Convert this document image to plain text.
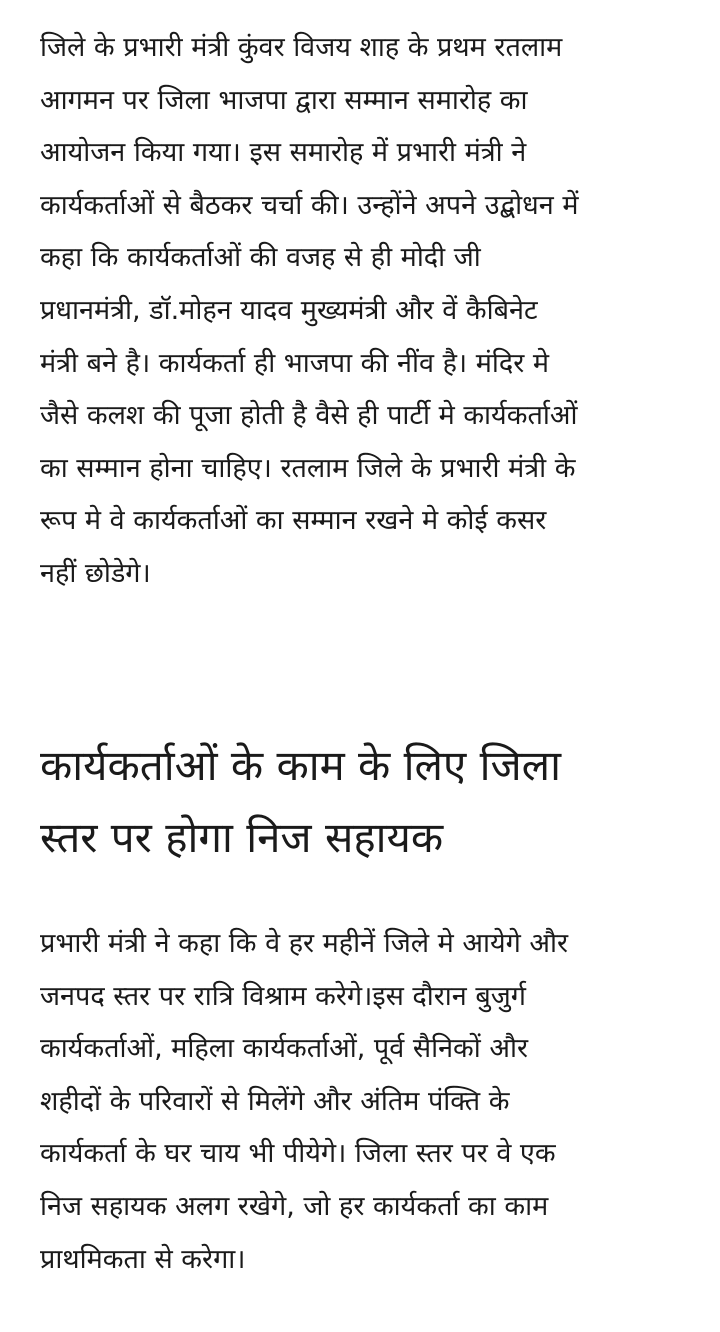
जिले के प्रभारी मंत्री कुंवर विजय शाह के प्रथम रतलाम
आगमन पर जिला भाजपा द्वारा सम्मान समारोह का
आयोजन किया गया। इस समारोह में प्रभारी मंत्री ने
कार्यकर्ताओं से बैठकर चर्चा की। उन्होंने अपने उद्बोधन में
कहा कि कार्यकर्ताओं की वजह से ही मोदी जी
प्रधानमंत्री, डॉ.मोहन यादव मुख्यमंत्री और वें कैबिनेट
मंत्री बने है। कार्यकर्ता ही भाजपा की नींव है। मंदिर मे
जैसे कलश की पूजा होती है वैसे ही पार्टी मे कार्यकर्ताओं
का सम्मान होना चाहिए। रतलाम जिले के प्रभारी मंत्री के
रूप मे वे कार्यकर्ताओं का सम्मान रखने मे कोई कसर
नहीं छोडेगे।

कार्यकर्ताओं के काम के लिए जिला
स्तर पर होगा निज सहायक

प्रभारी मंत्री ने कहा कि वे हर महीनें जिले मे आयेगे और
जनपद स्तर पर रात्रि विश्राम करेगे।इस दौरान बुजुर्ग
कार्यकर्ताओं, महिला कार्यकर्ताओं, पूर्व सैनिकों और
शहीदों के परिवारों से मिलेंगे और अंतिम पंक्ति के
कार्यकर्ता के घर चाय भी पीयेगे। जिला स्तर पर वे एक
निज सहायक अलग रखेगे, जो हर कार्यकर्ता का काम
प्राथमिकता से करेगा।
